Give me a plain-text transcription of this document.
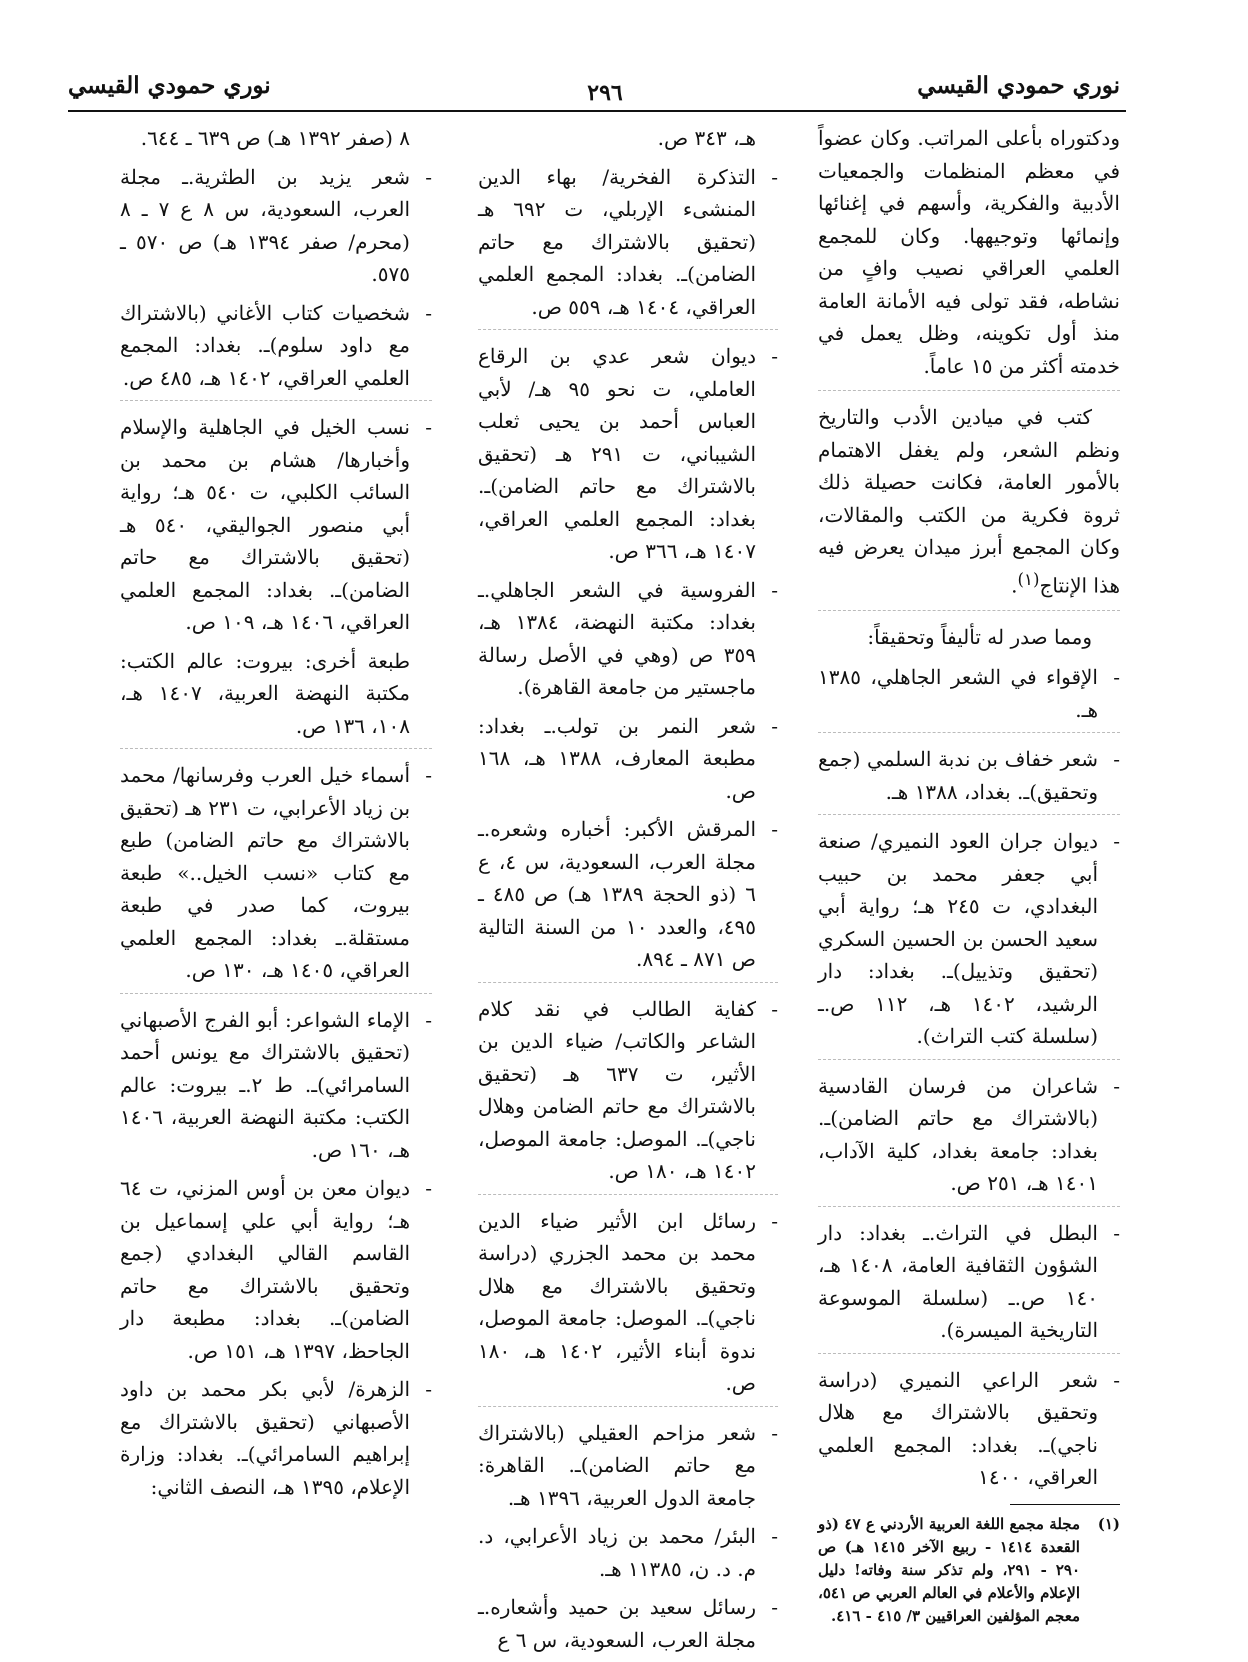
نوري حمودي القيسي
٢٩٦
نوري حمودي القيسي

ودكتوراه بأعلى المراتب. وكان عضواً في معظم المنظمات والجمعيات الأدبية والفكرية، وأسهم في إغنائها وإنمائها وتوجيهها. وكان للمجمع العلمي العراقي نصيب وافٍ من نشاطه، فقد تولى فيه الأمانة العامة منذ أول تكوينه، وظل يعمل في خدمته أكثر من ١٥ عاماً.

كتب في ميادين الأدب والتاريخ ونظم الشعر، ولم يغفل الاهتمام بالأمور العامة، فكانت حصيلة ذلك ثروة فكرية من الكتب والمقالات، وكان المجمع أبرز ميدان يعرض فيه هذا الإنتاج$^{(١)}$.

ومما صدر له تأليفاً وتحقيقاً:

-
الإقواء في الشعر الجاهلي، ١٣٨٥ هـ.
-
شعر خفاف بن ندبة السلمي (جمع وتحقيق)ـ. بغداد، ١٣٨٨ هـ.
-
ديوان جران العود النميري/ صنعة أبي جعفر محمد بن حبيب البغدادي، ت ٢٤٥ هـ؛ رواية أبي سعيد الحسن بن الحسين السكري (تحقيق وتذييل)ـ. بغداد: دار الرشيد، ١٤٠٢ هـ، ١١٢ ص.ـ (سلسلة كتب التراث).
-
شاعران من فرسان القادسية (بالاشتراك مع حاتم الضامن)ـ. بغداد: جامعة بغداد، كلية الآداب، ١٤٠١ هـ، ٢٥١ ص.
-
البطل في التراث.ـ بغداد: دار الشؤون الثقافية العامة، ١٤٠٨ هـ، ١٤٠ ص.ـ (سلسلة الموسوعة التاريخية الميسرة).
-
شعر الراعي النميري (دراسة وتحقيق بالاشتراك مع هلال ناجي)ـ. بغداد: المجمع العلمي العراقي، ١٤٠٠
(١)
مجلة مجمع اللغة العربية الأردني ع ٤٧ (ذو القعدة ١٤١٤ - ربيع الآخر ١٤١٥ هـ) ص ٢٩٠ - ٢٩١، ولم تذكر سنة وفاته! دليل الإعلام والأعلام في العالم العربي ص ٥٤١، معجم المؤلفين العراقيين ٣/ ٤١٥ - ٤١٦.
هـ، ٣٤٣ ص.
-
التذكرة الفخرية/ بهاء الدين المنشىء الإربلي، ت ٦٩٢ هـ (تحقيق بالاشتراك مع حاتم الضامن)ـ. بغداد: المجمع العلمي العراقي، ١٤٠٤ هـ، ٥٥٩ ص.
-
ديوان شعر عدي بن الرقاع العاملي، ت نحو ٩٥ هـ/ لأبي العباس أحمد بن يحيى ثعلب الشيباني، ت ٢٩١ هـ (تحقيق بالاشتراك مع حاتم الضامن)ـ. بغداد: المجمع العلمي العراقي، ١٤٠٧ هـ، ٣٦٦ ص.
-
الفروسية في الشعر الجاهلي.ـ بغداد: مكتبة النهضة، ١٣٨٤ هـ، ٣٥٩ ص (وهي في الأصل رسالة ماجستير من جامعة القاهرة).
-
شعر النمر بن تولب.ـ بغداد: مطبعة المعارف، ١٣٨٨ هـ، ١٦٨ ص.
-
المرقش الأكبر: أخباره وشعره.ـ مجلة العرب، السعودية، س ٤، ع ٦ (ذو الحجة ١٣٨٩ هـ) ص ٤٨٥ ـ ٤٩٥، والعدد ١٠ من السنة التالية ص ٨٧١ ـ ٨٩٤.
-
كفاية الطالب في نقد كلام الشاعر والكاتب/ ضياء الدين بن الأثير، ت ٦٣٧ هـ (تحقيق بالاشتراك مع حاتم الضامن وهلال ناجي)ـ. الموصل: جامعة الموصل، ١٤٠٢ هـ، ١٨٠ ص.
-
رسائل ابن الأثير ضياء الدين محمد بن محمد الجزري (دراسة وتحقيق بالاشتراك مع هلال ناجي)ـ. الموصل: جامعة الموصل، ندوة أبناء الأثير، ١٤٠٢ هـ، ١٨٠ ص.
-
شعر مزاحم العقيلي (بالاشتراك مع حاتم الضامن)ـ. القاهرة: جامعة الدول العربية، ١٣٩٦ هـ.
-
البئر/ محمد بن زياد الأعرابي، د. م. د. ن، ١١٣٨٥ هـ.
-
رسائل سعيد بن حميد وأشعاره.ـ مجلة العرب، السعودية، س ٦ ع
٨ (صفر ١٣٩٢ هـ) ص ٦٣٩ ـ ٦٤٤.
-
شعر يزيد بن الطثرية.ـ مجلة العرب، السعودية، س ٨ ع ٧ ـ ٨ (محرم/ صفر ١٣٩٤ هـ) ص ٥٧٠ ـ ٥٧٥.
-
شخصيات كتاب الأغاني (بالاشتراك مع داود سلوم)ـ. بغداد: المجمع العلمي العراقي، ١٤٠٢ هـ، ٤٨٥ ص.
-
نسب الخيل في الجاهلية والإسلام وأخبارها/ هشام بن محمد بن السائب الكلبي، ت ٥٤٠ هـ؛ رواية أبي منصور الجواليقي، ٥٤٠ هـ (تحقيق بالاشتراك مع حاتم الضامن)ـ. بغداد: المجمع العلمي العراقي، ١٤٠٦ هـ، ١٠٩ ص.
طبعة أخرى: بيروت: عالم الكتب: مكتبة النهضة العربية، ١٤٠٧ هـ، ١٠٨، ١٣٦ ص.
-
أسماء خيل العرب وفرسانها/ محمد بن زياد الأعرابي، ت ٢٣١ هـ (تحقيق بالاشتراك مع حاتم الضامن) طبع مع كتاب «نسب الخيل..» طبعة بيروت، كما صدر في طبعة مستقلة.ـ بغداد: المجمع العلمي العراقي، ١٤٠٥ هـ، ١٣٠ ص.
-
الإماء الشواعر: أبو الفرج الأصبهاني (تحقيق بالاشتراك مع يونس أحمد السامرائي)ـ. ط ٢.ـ بيروت: عالم الكتب: مكتبة النهضة العربية، ١٤٠٦ هـ، ١٦٠ ص.
-
ديوان معن بن أوس المزني، ت ٦٤ هـ؛ رواية أبي علي إسماعيل بن القاسم القالي البغدادي (جمع وتحقيق بالاشتراك مع حاتم الضامن)ـ. بغداد: مطبعة دار الجاحظ، ١٣٩٧ هـ، ١٥١ ص.
-
الزهرة/ لأبي بكر محمد بن داود الأصبهاني (تحقيق بالاشتراك مع إبراهيم السامرائي)ـ. بغداد: وزارة الإعلام، ١٣٩٥ هـ، النصف الثاني:
